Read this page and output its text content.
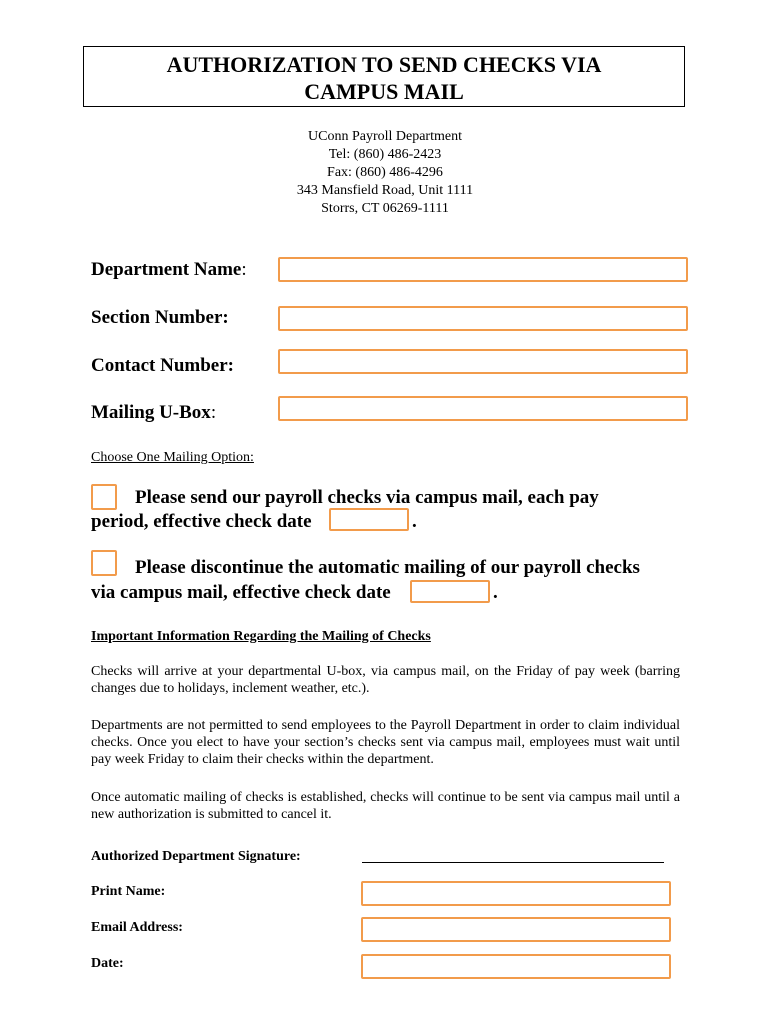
AUTHORIZATION TO SEND CHECKS VIA
CAMPUS MAIL
UConn Payroll Department
Tel: (860) 486-2423
Fax: (860) 486-4296
343 Mansfield Road, Unit 1111
Storrs, CT 06269-1111
Department Name:
Section Number:
Contact Number:
Mailing U-Box:
Choose One Mailing Option:
Please send our payroll checks via campus mail, each pay
period, effective check date	.
Please discontinue the automatic mailing of our payroll checks
via campus mail, effective check date	.
Important Information Regarding the Mailing of Checks
Checks will arrive at your departmental U-box, via campus mail, on the Friday of pay week (barring changes due to holidays, inclement weather, etc.).
Departments are not permitted to send employees to the Payroll Department in order to claim individual checks. Once you elect to have your section’s checks sent via campus mail, employees must wait until pay week Friday to claim their checks within the department.
Once automatic mailing of checks is established, checks will continue to be sent via campus mail until a new authorization is submitted to cancel it.
Authorized Department Signature:
Print Name:
Email Address:
Date:
